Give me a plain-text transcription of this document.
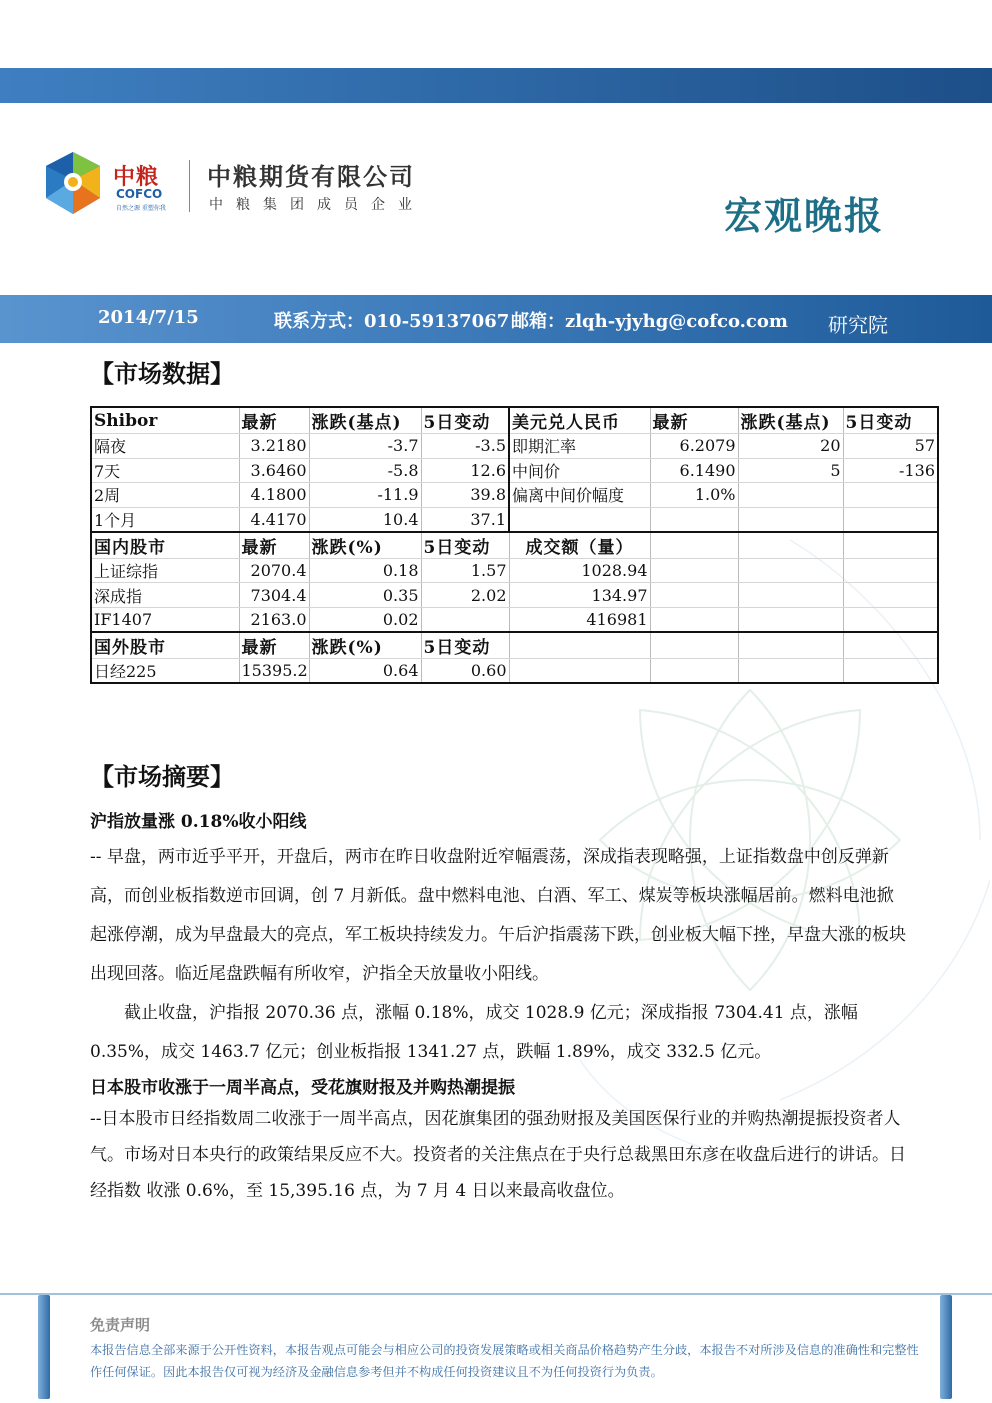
中粮
COFCO
自然之源 重塑你我
中粮期货有限公司
中粮集团成员企业	宏观晚报
2014/7/15	联系方式：010-59137067 邮箱：zlqh-yjyhg@cofco.com 研究院
【市场数据】
Shibor	最新	涨跌(基点)	5日变动	美元兑人民币	最新	涨跌(基点)	5日变动
隔夜	3.2180	-3.7	-3.5	即期汇率	6.2079	20	57
7天	3.6460	-5.8	12.6	中间价	6.1490	5	-136
2周	4.1800	-11.9	39.8	偏离中间价幅度	1.0%		
1个月	4.4170	10.4	37.1				
国内股市	最新	涨跌(%)	5日变动	成交额（量）			
上证综指	2070.4	0.18	1.57	1028.94			
深成指	7304.4	0.35	2.02	134.97			
IF1407	2163.0	0.02		416981			
国外股市	最新	涨跌(%)	5日变动				
日经225	15395.2	0.64	0.60				
【市场摘要】
沪指放量涨 0.18%收小阳线
-- 早盘，两市近乎平开，开盘后，两市在昨日收盘附近窄幅震荡，深成指表现略强，上证指数盘中创反弹新高，而创业板指数逆市回调，创 7 月新低。盘中燃料电池、白酒、军工、煤炭等板块涨幅居前。燃料电池掀起涨停潮，成为早盘最大的亮点，军工板块持续发力。午后沪指震荡下跌，创业板大幅下挫，早盘大涨的板块出现回落。临近尾盘跌幅有所收窄，沪指全天放量收小阳线。
截止收盘，沪指报 2070.36 点，涨幅 0.18%，成交 1028.9 亿元；深成指报 7304.41 点，涨幅 0.35%，成交 1463.7 亿元；创业板指报 1341.27 点，跌幅 1.89%，成交 332.5 亿元。
日本股市收涨于一周半高点，受花旗财报及并购热潮提振
--日本股市日经指数周二收涨于一周半高点，因花旗集团的强劲财报及美国医保行业的并购热潮提振投资者人气。市场对日本央行的政策结果反应不大。投资者的关注焦点在于央行总裁黑田东彦在收盘后进行的讲话。日经指数 收涨 0.6%，至 15,395.16 点，为 7 月 4 日以来最高收盘位。
免责声明
本报告信息全部来源于公开性资料，本报告观点可能会与相应公司的投资发展策略或相关商品价格趋势产生分歧，本报告不对所涉及信息的准确性和完整性作任何保证。因此本报告仅可视为经济及金融信息参考但并不构成任何投资建议且不为任何投资行为负责。
